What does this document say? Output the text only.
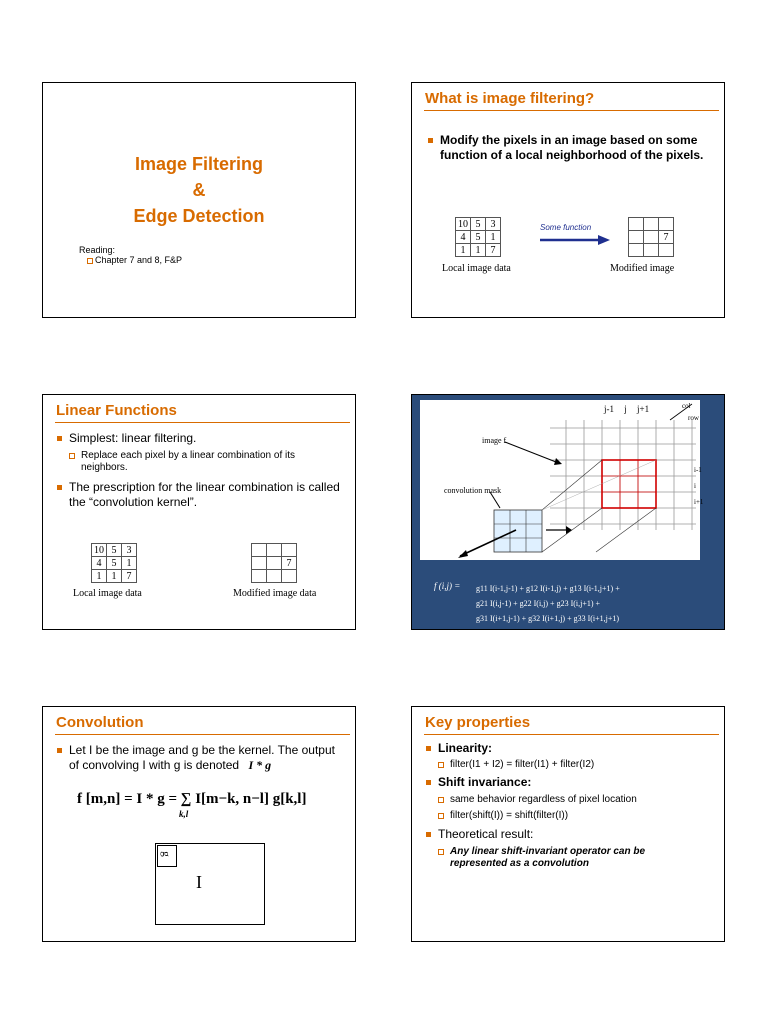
Image Filtering
&
Edge Detection
Reading:
Chapter 7 and 8, F&P
What is image filtering?
Modify the pixels in an image based on some function of a local neighborhood of the pixels.
10	5	3
4	5	1
1	1	7
Local image data
Some function

		7

Modified image
Linear Functions
Simplest: linear filtering.
Replace each pixel by a linear combination of its neighbors.
The prescription for the linear combination is called the “convolution kernel”.
10	5	3
4	5	1
1	1	7
Local image data

		7

Modified image data
j-1 j j+1	col
row
i-1
i
i+1
image f
convolution mask
f (i,j) = g11 I(i-1,j-1) + g12 I(i-1,j) + g13 I(i-1,j+1) +
g21 I(i,j-1) + g22 I(i,j) + g23 I(i,j+1) +
g31 I(i+1,j-1) + g32 I(i+1,j) + g33 I(i+1,j+1)
Convolution
Let I be the image and g be the kernel. The output of convolving I with g is denoted I * g
f [m,n] = I * g = ∑ I[m−k, n−l] g[k,l]
k,l
I
g
Key properties
Linearity:
filter(I1 + I2) = filter(I1) + filter(I2)
Shift invariance:
same behavior regardless of pixel location
filter(shift(I)) = shift(filter(I))
Theoretical result:
Any linear shift-invariant operator can be represented as a convolution
